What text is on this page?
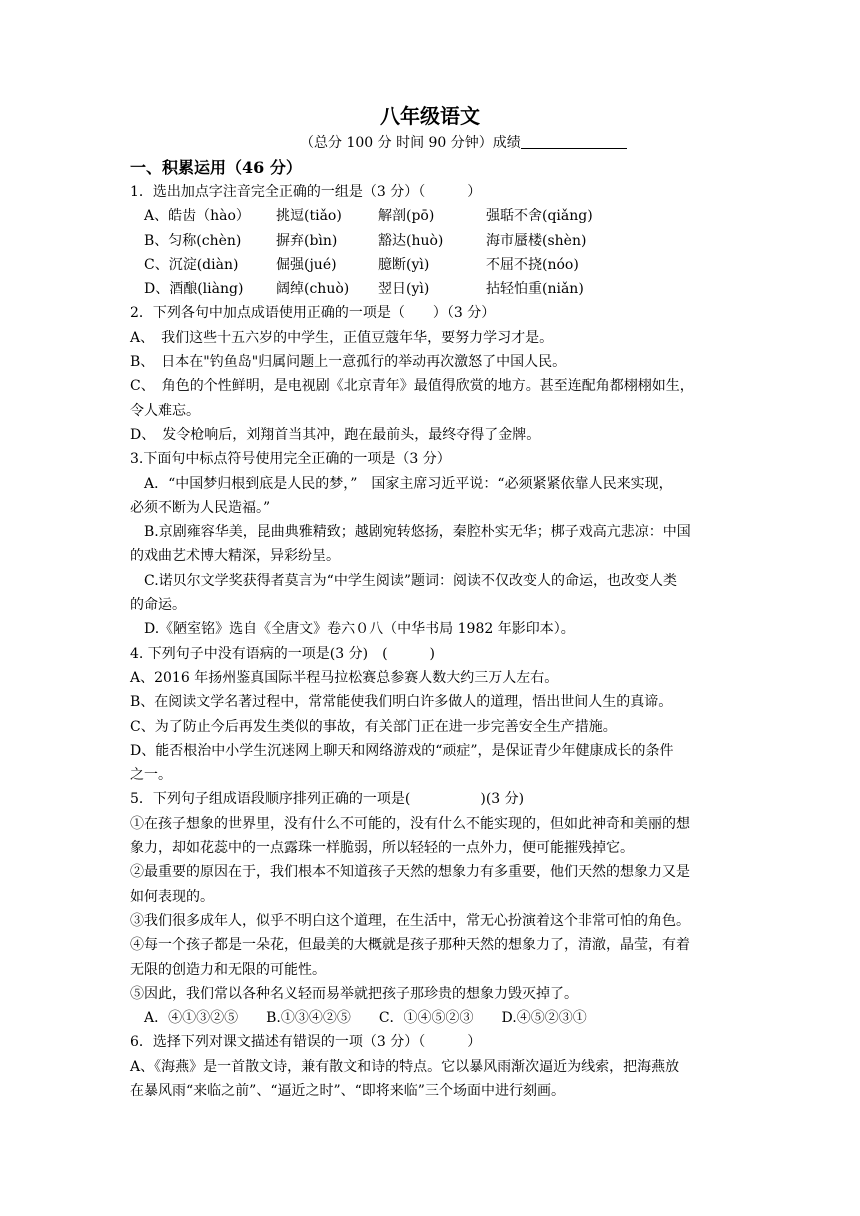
八年级语文
（总分 100 分 时间 90 分钟）成绩
一、积累运用（46 分）
1．选出加点字注音完全正确的一组是（3 分）（　　　）
A、皓齿（hào）	挑逗(tiǎo)	解剖(pō)	强聒不舍(qiǎng)
B、匀称(chèn)	摒弃(bìn)	豁达(huò)	海市蜃楼(shèn)
C、沉淀(diàn)	倔强(jué)	臆断(yì)	不屈不挠(nóo)
D、酒酿(liàng)	阔绰(chuò)	翌日(yì)	拈轻怕重(niǎn)
2．下列各句中加点成语使用正确的一项是（　　）（3 分）
A、　我们这些十五六岁的中学生，正值豆蔻年华，要努力学习才是。
B、　日本在"钓鱼岛"归属问题上一意孤行的举动再次激怒了中国人民。
C、　角色的个性鲜明，是电视剧《北京青年》最值得欣赏的地方。甚至连配角都栩栩如生，
令人难忘。
D、　发令枪响后，刘翔首当其冲，跑在最前头，最终夺得了金牌。
3.下面句中标点符号使用完全正确的一项是（3 分）
A．“中国梦归根到底是人民的梦，”　国家主席习近平说：“必须紧紧依靠人民来实现，
必须不断为人民造福。”
B.京剧雍容华美，昆曲典雅精致；越剧宛转悠扬，秦腔朴实无华；梆子戏高亢悲凉：中国
的戏曲艺术博大精深，异彩纷呈。
C.诺贝尔文学奖获得者莫言为“中学生阅读”题词：阅读不仅改变人的命运，也改变人类
的命运。
D.《陋室铭》选自《全唐文》卷六０八（中华书局 1982 年影印本）。
4. 下列句子中没有语病的一项是(3 分)　(　　　)
A、2016 年扬州鉴真国际半程马拉松赛总参赛人数大约三万人左右。
B、在阅读文学名著过程中，常常能使我们明白许多做人的道理，悟出世间人生的真谛。
C、为了防止今后再发生类似的事故，有关部门正在进一步完善安全生产措施。
D、能否根治中小学生沉迷网上聊天和网络游戏的“顽症”，是保证青少年健康成长的条件
之一。
5．下列句子组成语段顺序排列正确的一项是(　　　　　)(3 分)
①在孩子想象的世界里，没有什么不可能的，没有什么不能实现的，但如此神奇和美丽的想
象力，却如花蕊中的一点露珠一样脆弱，所以轻轻的一点外力，便可能摧残掉它。
②最重要的原因在于，我们根本不知道孩子天然的想象力有多重要，他们天然的想象力又是
如何表现的。
③我们很多成年人，似乎不明白这个道理，在生活中，常无心扮演着这个非常可怕的角色。
④每一个孩子都是一朵花，但最美的大概就是孩子那种天然的想象力了，清澈，晶莹，有着
无限的创造力和无限的可能性。
⑤因此，我们常以各种名义轻而易举就把孩子那珍贵的想象力毁灭掉了。
A．④①③②⑤　　B.①③④②⑤　　C．①④⑤②③　　D.④⑤②③①
6．选择下列对课文描述有错误的一项（3 分）（　　　）
A、《海燕》是一首散文诗，兼有散文和诗的特点。它以暴风雨渐次逼近为线索，把海燕放
在暴风雨“来临之前”、“逼近之时”、“即将来临”三个场面中进行刻画。
